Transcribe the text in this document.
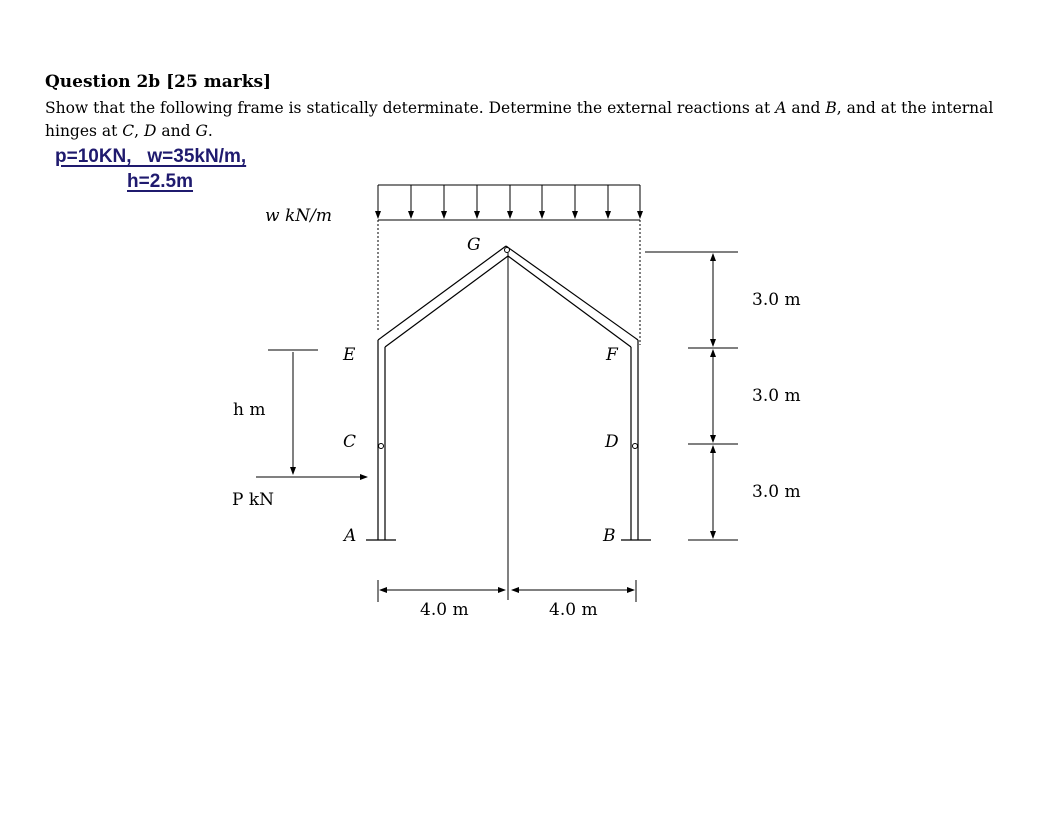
Question 2b [25 marks]

Show that the following frame is statically determinate. Determine the external reactions at A and B, and at the internal hinges at C, D and G.

p=10KN,   w=35kN/m,

h=2.5m

w kN/m
G
E	F
C	D
A	B
h m
P kN
4.0 m	4.0 m
3.0 m
3.0 m
3.0 m
